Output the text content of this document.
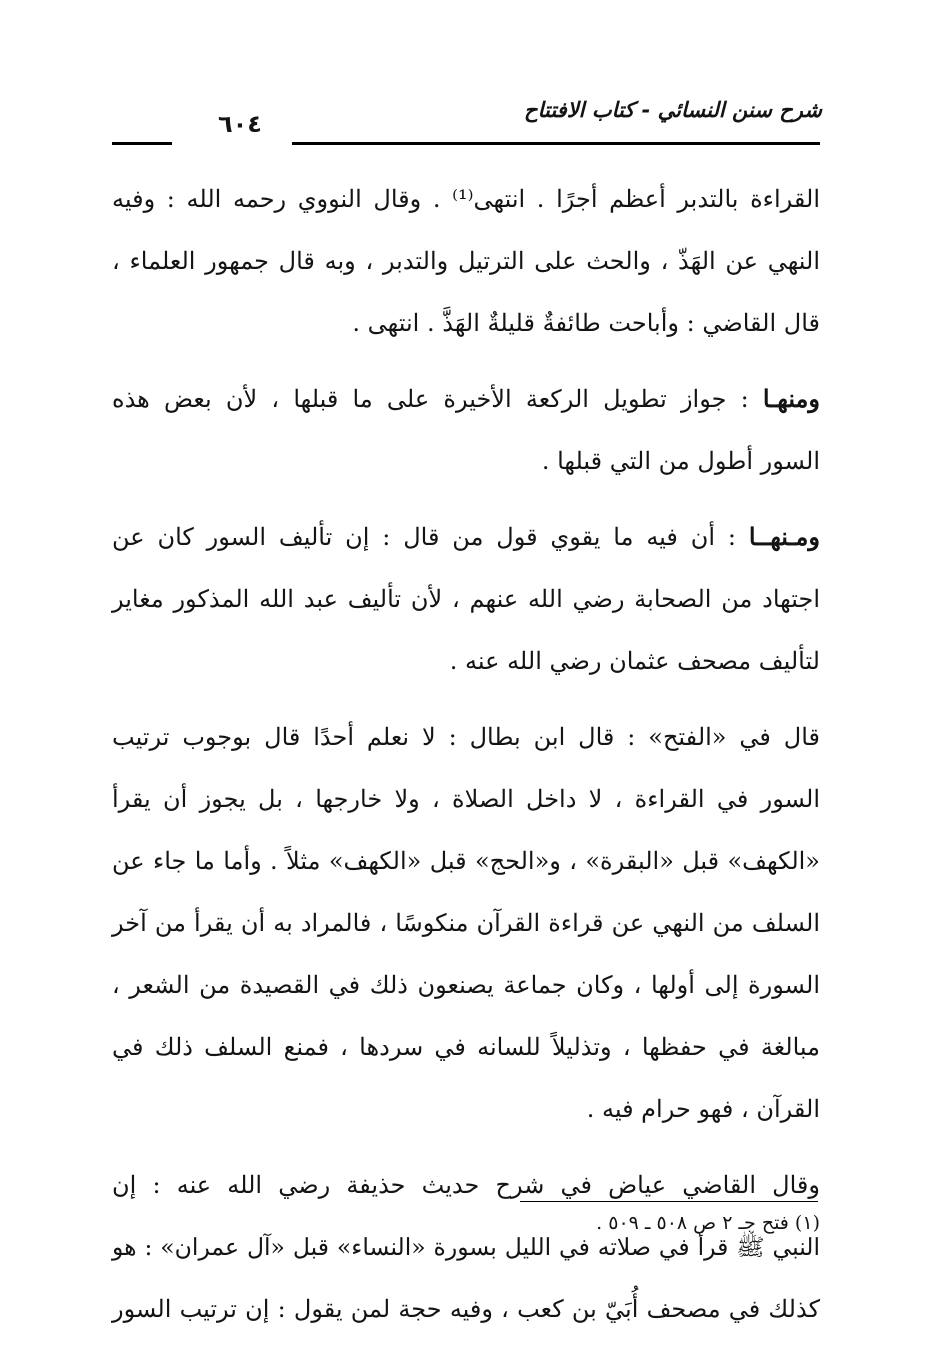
شرح سنن النسائي - كتاب الافتتاح
٦٠٤
القراءة بالتدبر أعظم أجرًا . انتهى⁽¹⁾ . وقال النووي رحمه الله : وفيه
النهي عن الهَذّ ، والحث على الترتيل والتدبر ، وبه قال جمهور العلماء ،
قال القاضي : وأباحت طائفةٌ قليلةٌ الهَذَّ . انتهى .
ومنهـا : جواز تطويل الركعة الأخيرة على ما قبلها ، لأن بعض هذه
السور أطول من التي قبلها .
ومـنهــا : أن فيه ما يقوي قول من قال : إن تأليف السور كان عن
اجتهاد من الصحابة رضي الله عنهم ، لأن تأليف عبد الله المذكور مغاير
لتأليف مصحف عثمان رضي الله عنه .
قال في «الفتح» : قال ابن بطال : لا نعلم أحدًا قال بوجوب ترتيب
السور في القراءة ، لا داخل الصلاة ، ولا خارجها ، بل يجوز أن يقرأ
«الكهف» قبل «البقرة» ، و«الحج» قبل «الكهف» مثلاً . وأما ما جاء عن
السلف من النهي عن قراءة القرآن منكوسًا ، فالمراد به أن يقرأ من آخر
السورة إلى أولها ، وكان جماعة يصنعون ذلك في القصيدة من الشعر ،
مبالغة في حفظها ، وتذليلاً للسانه في سردها ، فمنع السلف ذلك في
القرآن ، فهو حرام فيه .
وقال القاضي عياض في شرح حديث حذيفة رضي الله عنه : إن
النبي ﷺ قرأ في صلاته في الليل بسورة «النساء» قبل «آل عمران» : هو
كذلك في مصحف أُبَيّ بن كعب ، وفيه حجة لمن يقول : إن ترتيب السور
(١) فتح جـ ٢ ص ٥٠٨ ـ ٥٠٩ .
